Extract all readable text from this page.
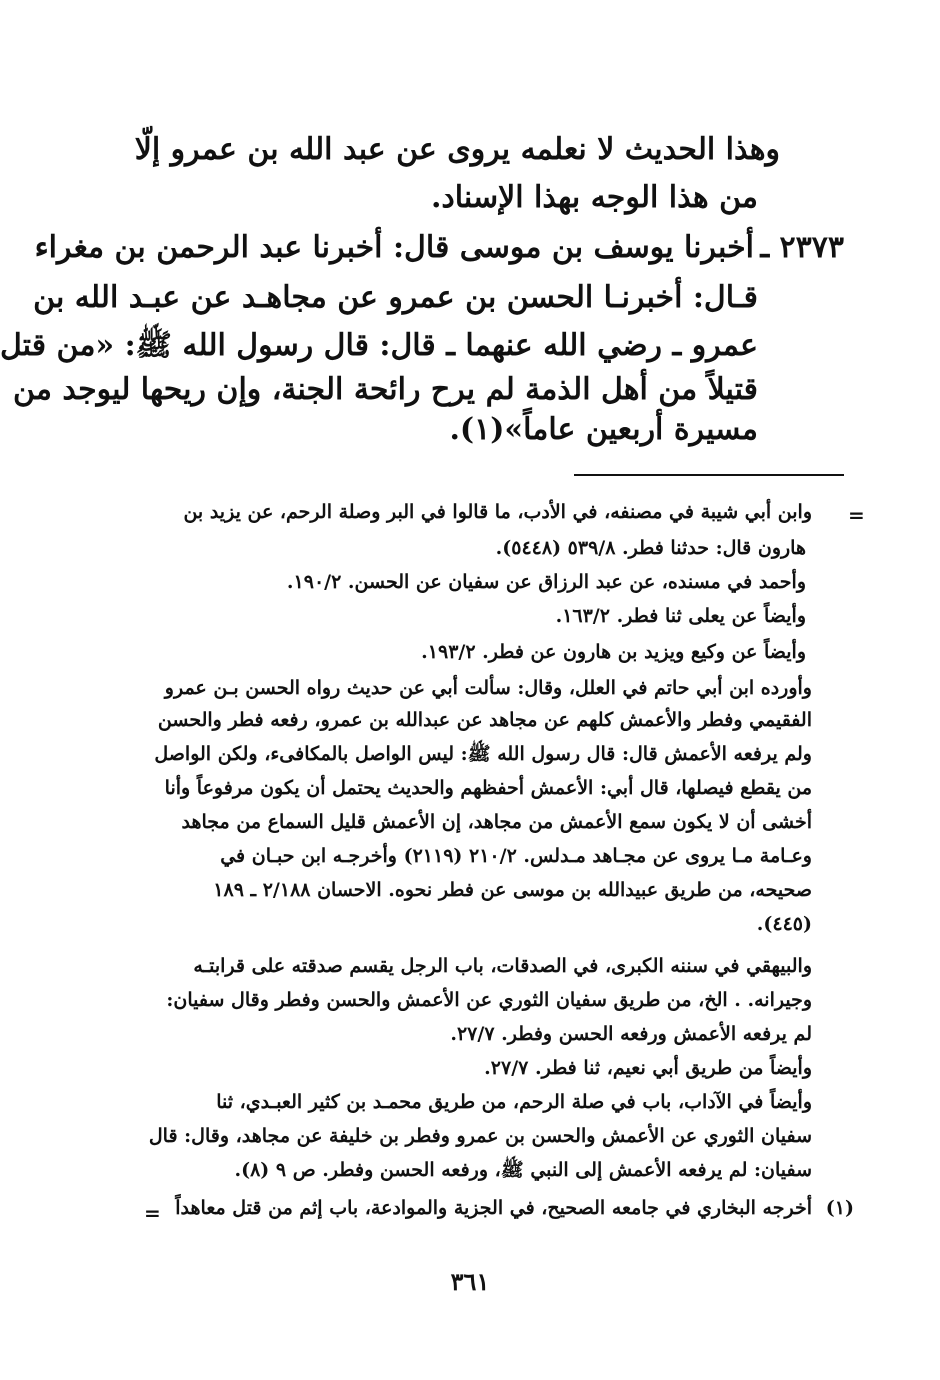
وهذا الحديث لا نعلمه يروى عن عبد الله بن عمرو إلّا
من هذا الوجه بهذا الإسناد.
٢٣٧٣ ـ
أخبرنا يوسف بن موسى قال: أخبرنا عبد الرحمن بن مغراء
قـال: أخبرنـا الحسن بن عمرو عن مجاهـد عن عبـد الله بن
عمرو ـ رضي الله عنهما ـ قال: قال رسول الله ﷺ: «من قتل
قتيلاً من أهل الذمة لم يرح رائحة الجنة، وإن ريحها ليوجد من
مسيرة أربعين عاماً»(١).
=
وابن أبي شيبة في مصنفه، في الأدب، ما قالوا في البر وصلة الرحم، عن يزيد بن
هارون قال: حدثنا فطر. ٥٣٩/٨ (٥٤٤٨).
وأحمد في مسنده، عن عبد الرزاق عن سفيان عن الحسن. ١٩٠/٢.
وأيضاً عن يعلى ثنا فطر. ١٦٣/٢.
وأيضاً عن وكيع ويزيد بن هارون عن فطر. ١٩٣/٢.
وأورده ابن أبي حاتم في العلل، وقال: سألت أبي عن حديث رواه الحسن بـن عمرو
الفقيمي وفطر والأعمش كلهم عن مجاهد عن عبدالله بن عمرو، رفعه فطر والحسن
ولم يرفعه الأعمش قال: قال رسول الله ﷺ: ليس الواصل بالمكافىء، ولكن الواصل
من يقطع فيصلها، قال أبي: الأعمش أحفظهم والحديث يحتمل أن يكون مرفوعاً وأنا
أخشى أن لا يكون سمع الأعمش من مجاهد، إن الأعمش قليل السماع من مجاهد
وعـامة مـا يروى عن مجـاهد مـدلس. ٢١٠/٢ (٢١١٩) وأخرجـه ابن حبـان في
صحيحه، من طريق عبيدالله بن موسى عن فطر نحوه. الاحسان ٢/١٨٨ ـ ١٨٩
(٤٤٥).
والبيهقي في سننه الكبرى، في الصدقات، باب الرجل يقسم صدقته على قرابتـه
وجيرانه. . الخ، من طريق سفيان الثوري عن الأعمش والحسن وفطر وقال سفيان:
لم يرفعه الأعمش ورفعه الحسن وفطر. ٢٧/٧.
وأيضاً من طريق أبي نعيم، ثنا فطر. ٢٧/٧.
وأيضاً في الآداب، باب في صلة الرحم، من طريق محمـد بن كثير العبـدي، ثنا
سفيان الثوري عن الأعمش والحسن بن عمرو وفطر بن خليفة عن مجاهد، وقال: قال
سفيان: لم يرفعه الأعمش إلى النبي ﷺ، ورفعه الحسن وفطر. ص ٩ (٨).
(١)
أخرجه البخاري في جامعه الصحيح، في الجزية والموادعة، باب إثم من قتل معاهداً
=
٣٦١
